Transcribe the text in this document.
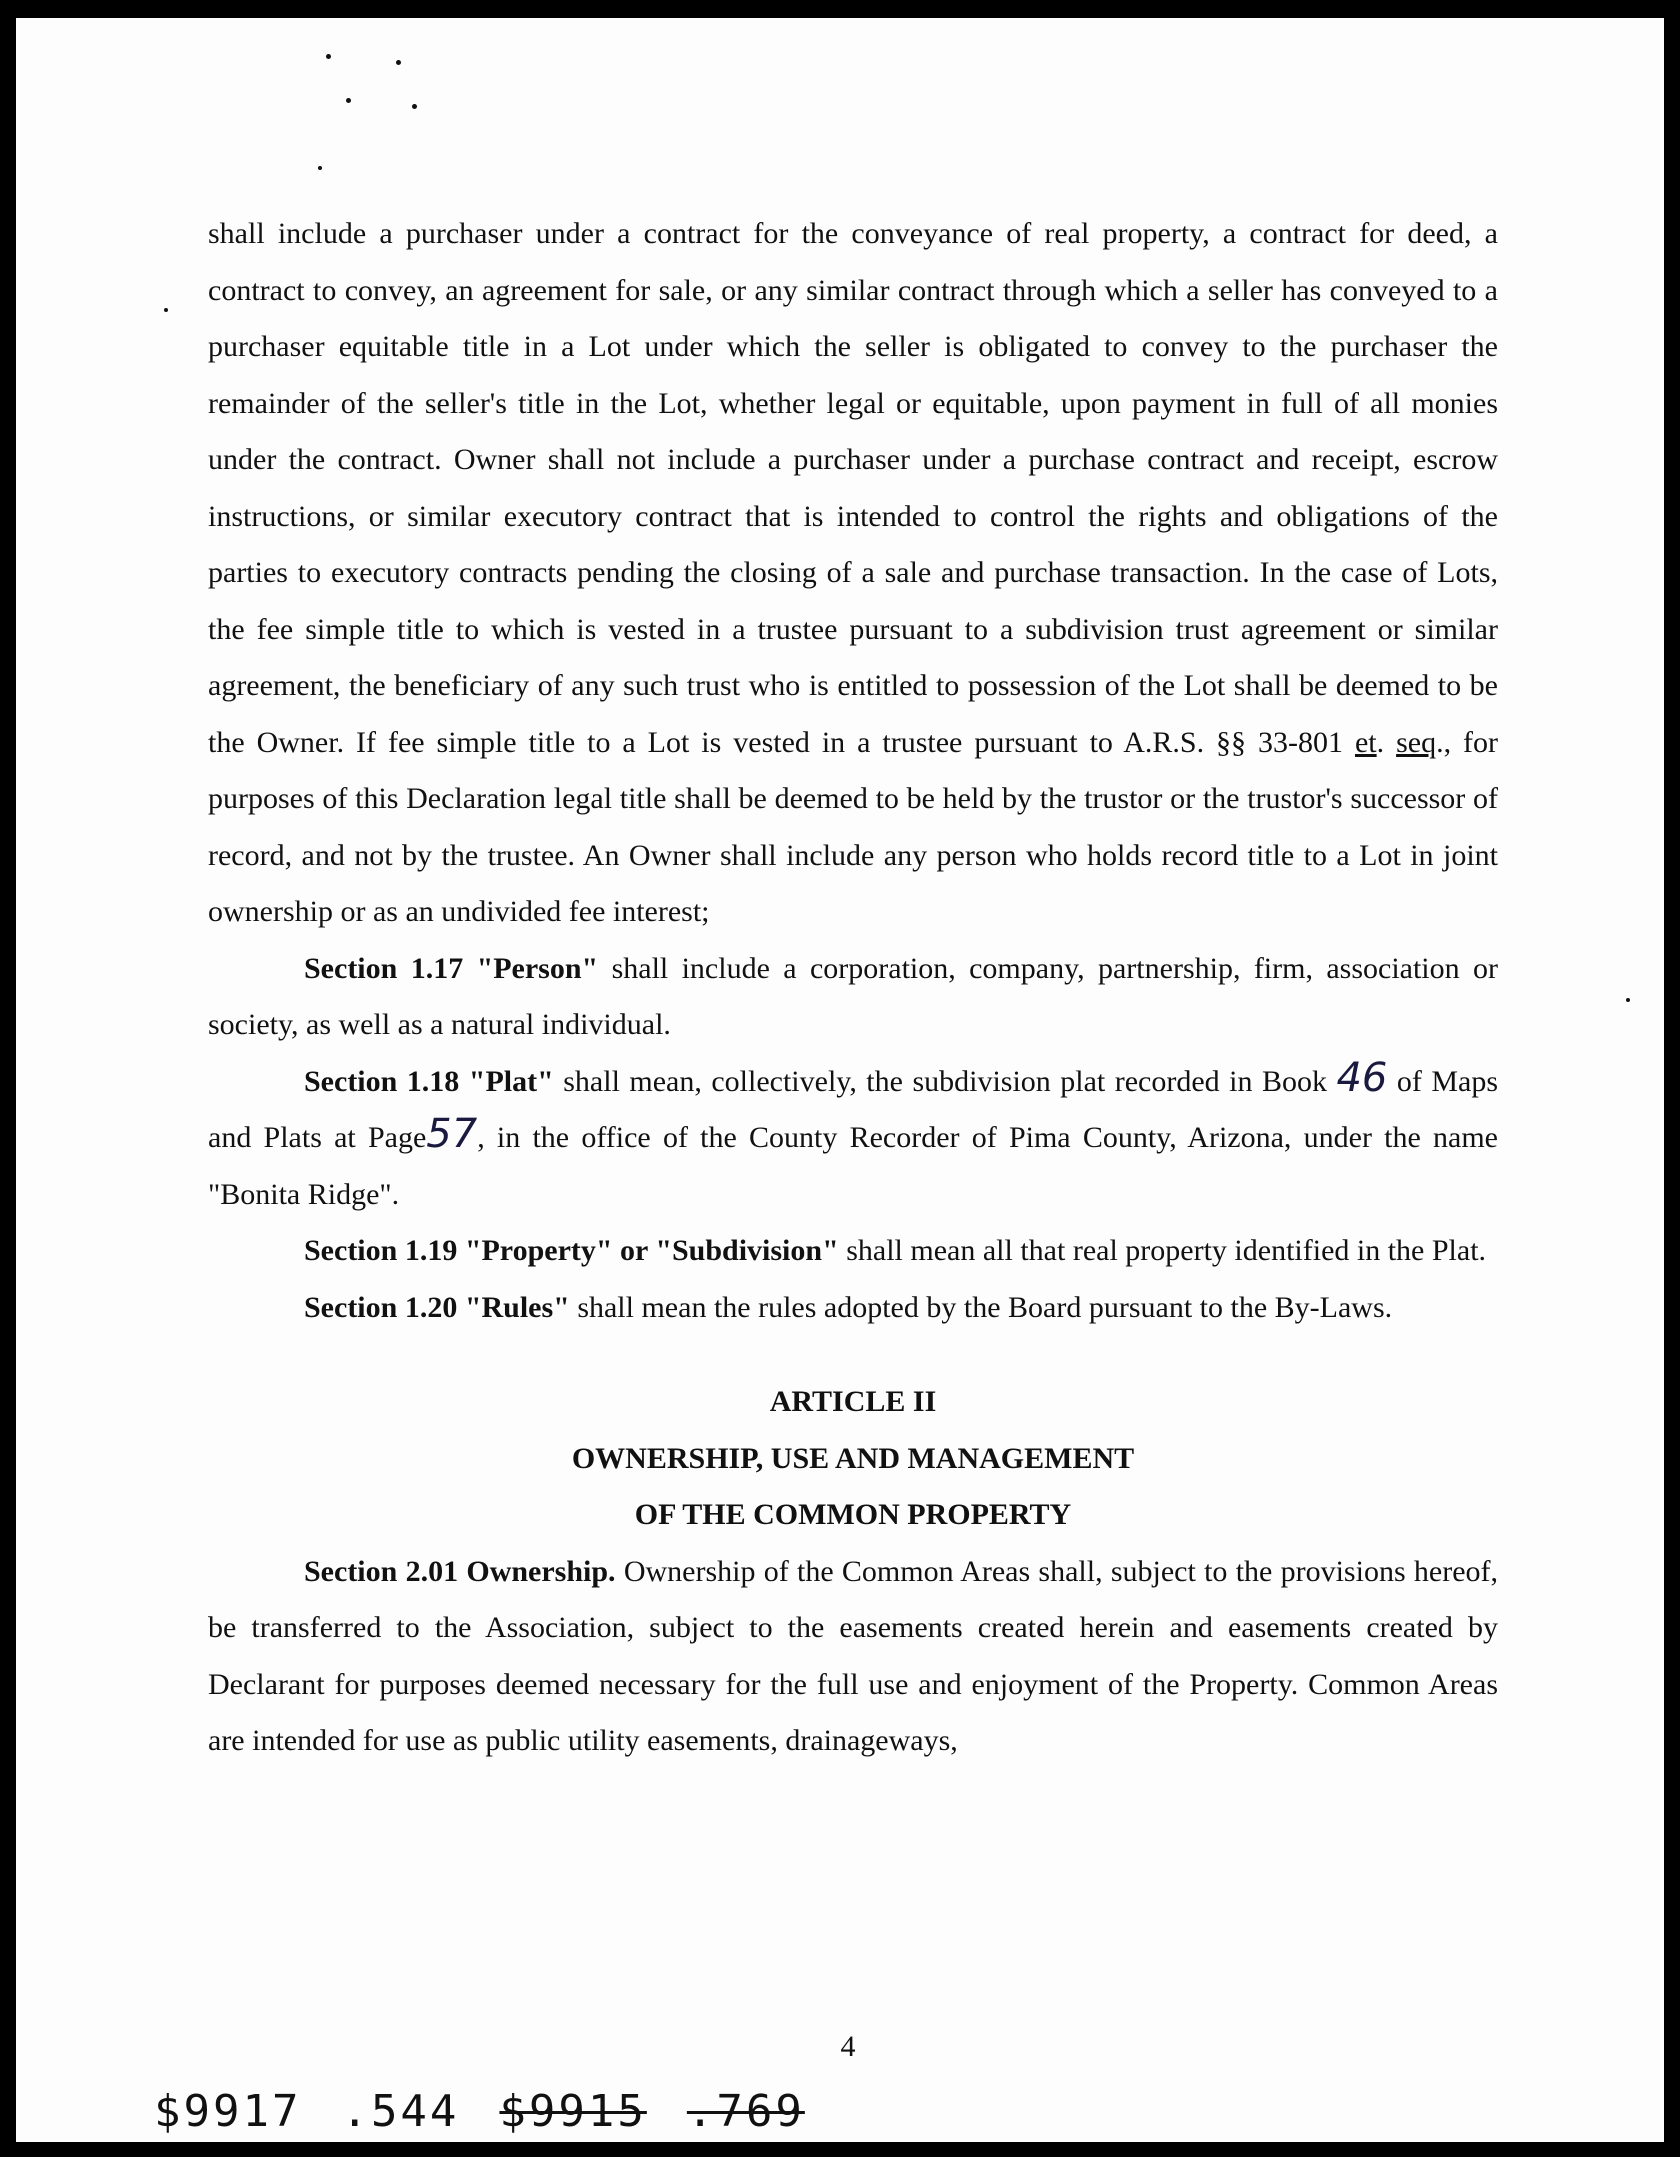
shall include a purchaser under a contract for the conveyance of real property, a contract for deed, a contract to convey, an agreement for sale, or any similar contract through which a seller has conveyed to a purchaser equitable title in a Lot under which the seller is obligated to convey to the purchaser the remainder of the seller's title in the Lot, whether legal or equitable, upon payment in full of all monies under the contract. Owner shall not include a purchaser under a purchase contract and receipt, escrow instructions, or similar executory contract that is intended to control the rights and obligations of the parties to executory contracts pending the closing of a sale and purchase transaction. In the case of Lots, the fee simple title to which is vested in a trustee pursuant to a subdivision trust agreement or similar agreement, the beneficiary of any such trust who is entitled to possession of the Lot shall be deemed to be the Owner. If fee simple title to a Lot is vested in a trustee pursuant to A.R.S. §§ 33-801 et. seq., for purposes of this Declaration legal title shall be deemed to be held by the trustor or the trustor's successor of record, and not by the trustee. An Owner shall include any person who holds record title to a Lot in joint ownership or as an undivided fee interest;

Section 1.17 "Person" shall include a corporation, company, partnership, firm, association or society, as well as a natural individual.

Section 1.18 "Plat" shall mean, collectively, the subdivision plat recorded in Book 46 of Maps and Plats at Page57, in the office of the County Recorder of Pima County, Arizona, under the name "Bonita Ridge".

Section 1.19 "Property" or "Subdivision" shall mean all that real property identified in the Plat.

Section 1.20 "Rules" shall mean the rules adopted by the Board pursuant to the By-Laws.

ARTICLE II
OWNERSHIP, USE AND MANAGEMENT
OF THE COMMON PROPERTY

Section 2.01 Ownership. Ownership of the Common Areas shall, subject to the provisions hereof, be transferred to the Association, subject to the easements created herein and easements created by Declarant for purposes deemed necessary for the full use and enjoyment of the Property. Common Areas are intended for use as public utility easements, drainageways,

4
$9917 .544 $9915 .769
